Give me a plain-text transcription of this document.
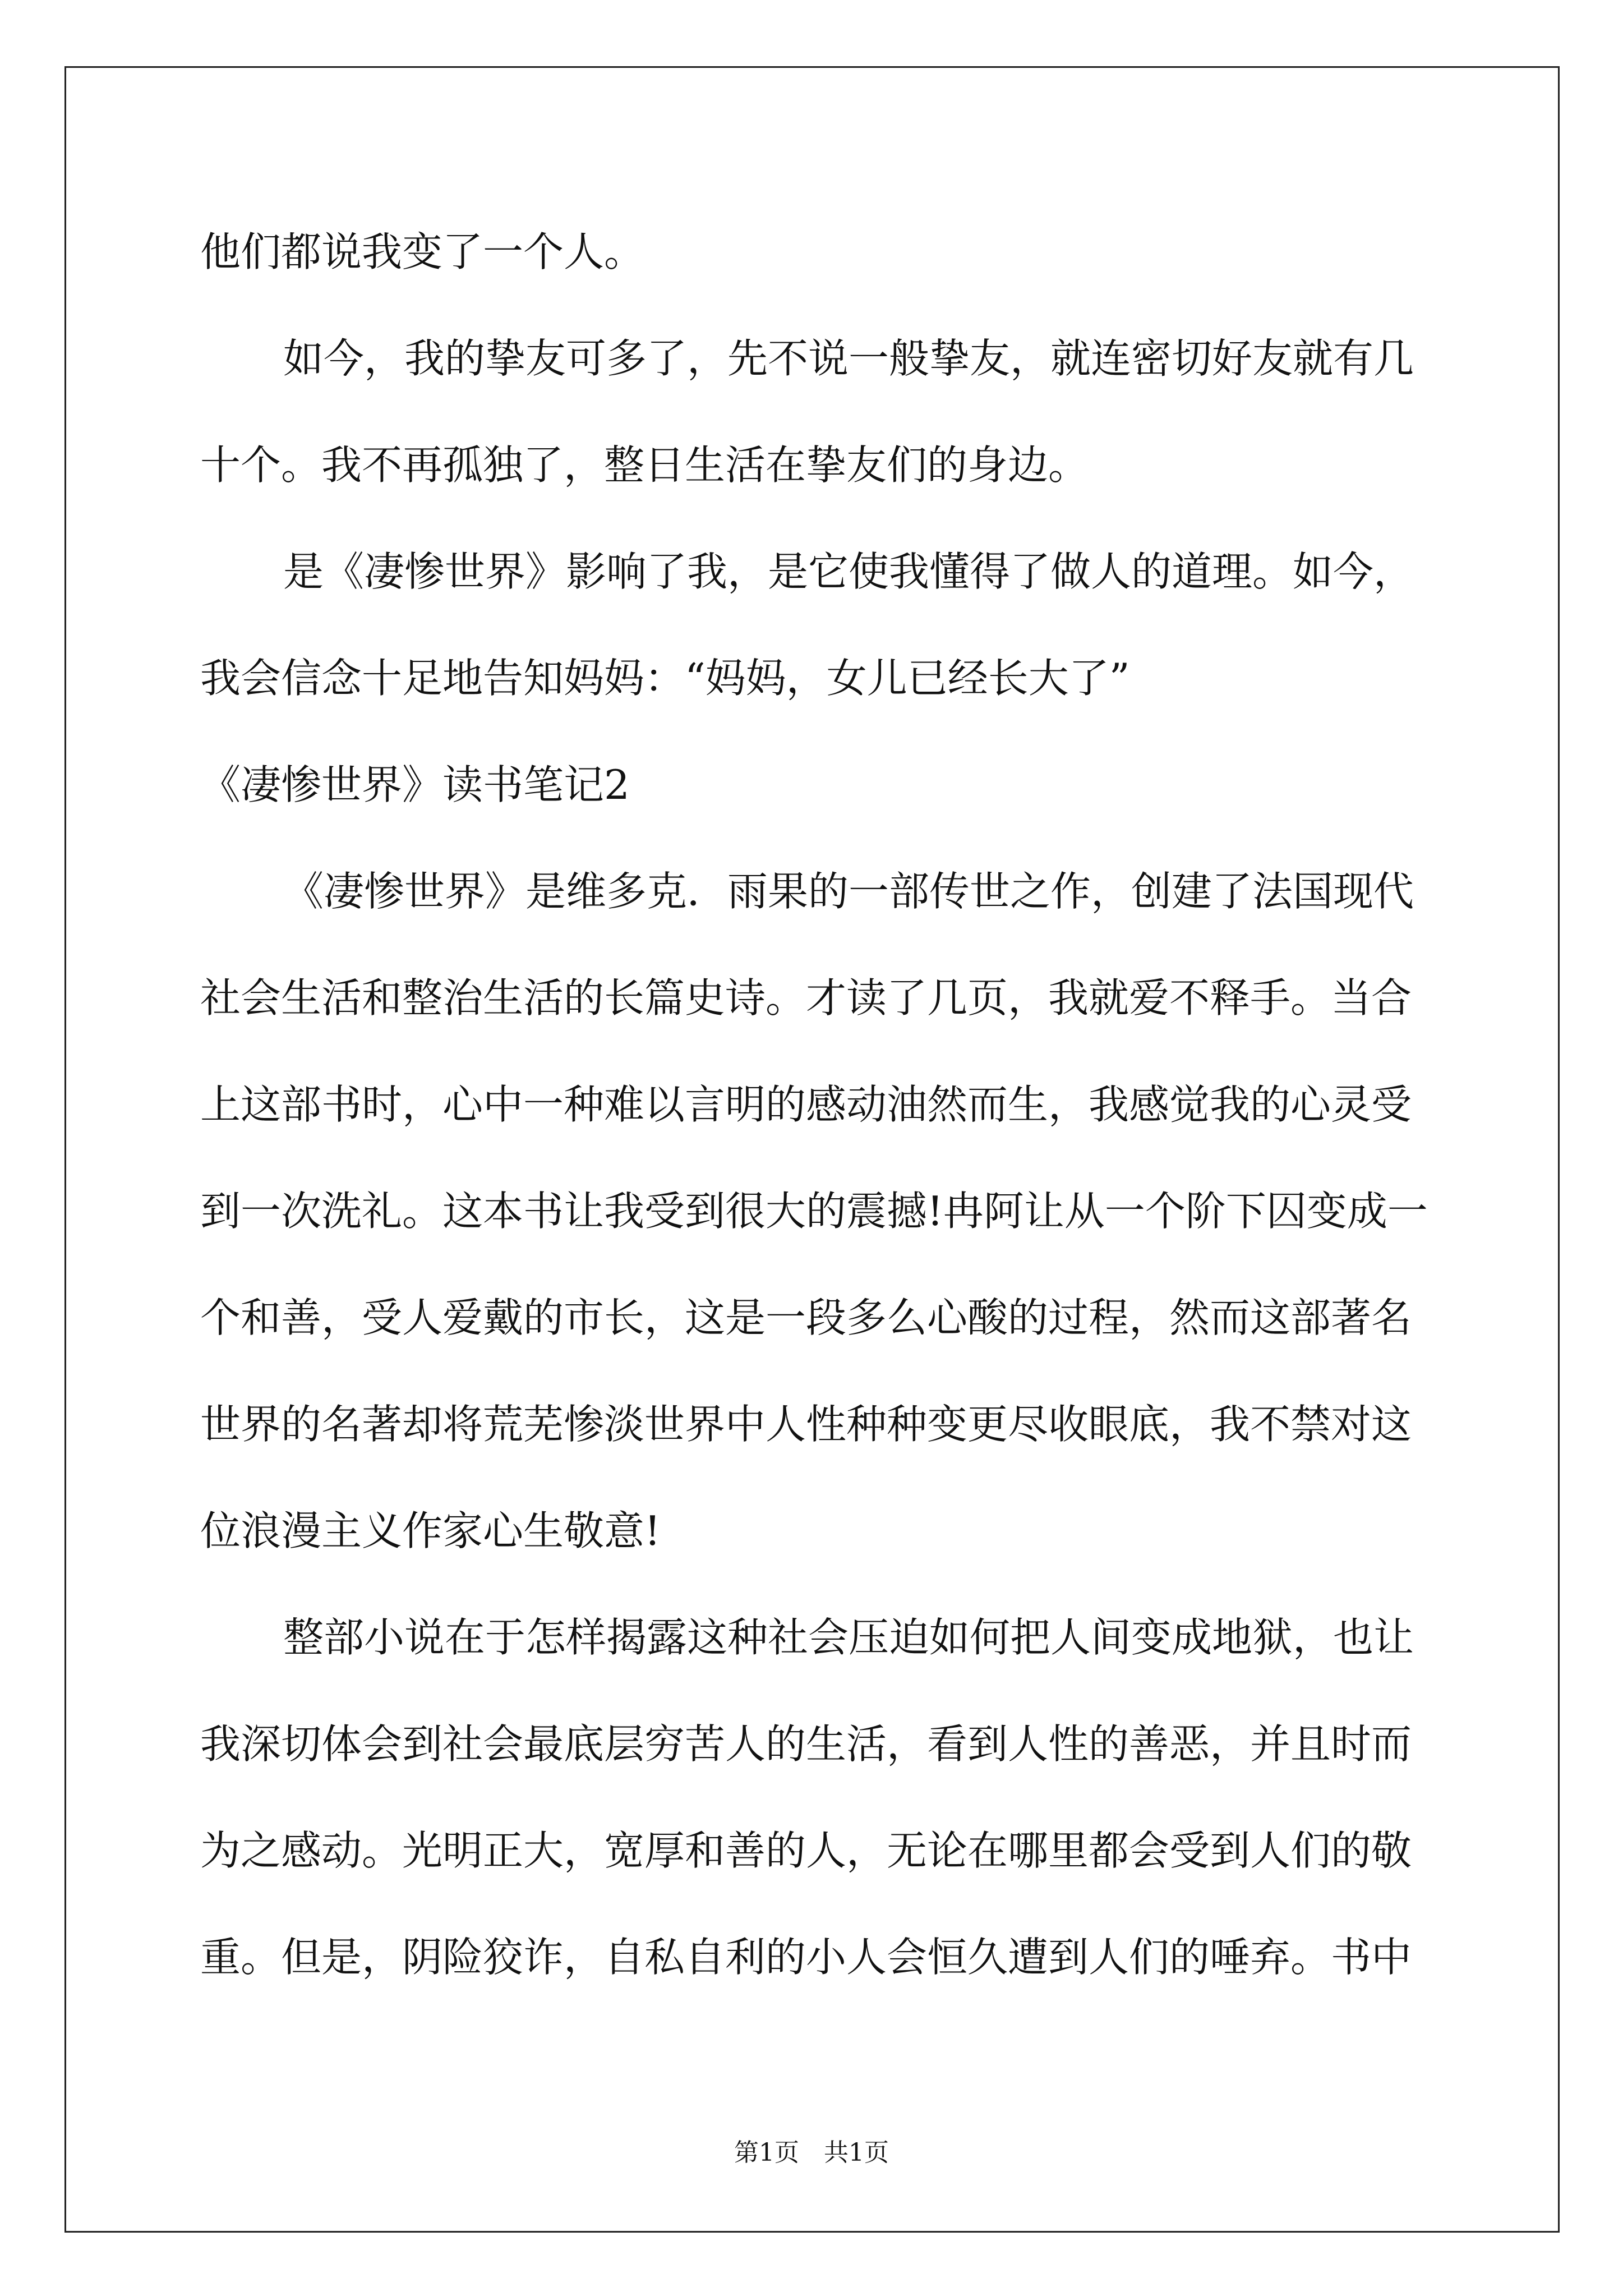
他们都说我变了一个人。
如今，我的挚友可多了，先不说一般挚友，就连密切好友就有几
十个。我不再孤独了，整日生活在挚友们的身边。
是《凄惨世界》影响了我，是它使我懂得了做人的道理。如今，
我会信念十足地告知妈妈：“妈妈，女儿已经长大了”
《凄惨世界》读书笔记2
《凄惨世界》是维多克．雨果的一部传世之作，创建了法国现代
社会生活和整治生活的长篇史诗。才读了几页，我就爱不释手。当合
上这部书时，心中一种难以言明的感动油然而生，我感觉我的心灵受
到一次洗礼。这本书让我受到很大的震撼!冉阿让从一个阶下囚变成一
个和善，受人爱戴的市长，这是一段多么心酸的过程，然而这部著名
世界的名著却将荒芜惨淡世界中人性种种变更尽收眼底，我不禁对这
位浪漫主义作家心生敬意!
整部小说在于怎样揭露这种社会压迫如何把人间变成地狱，也让
我深切体会到社会最底层穷苦人的生活，看到人性的善恶，并且时而
为之感动。光明正大，宽厚和善的人，无论在哪里都会受到人们的敬
重。但是，阴险狡诈，自私自利的小人会恒久遭到人们的唾弃。书中
第1页　共1页
